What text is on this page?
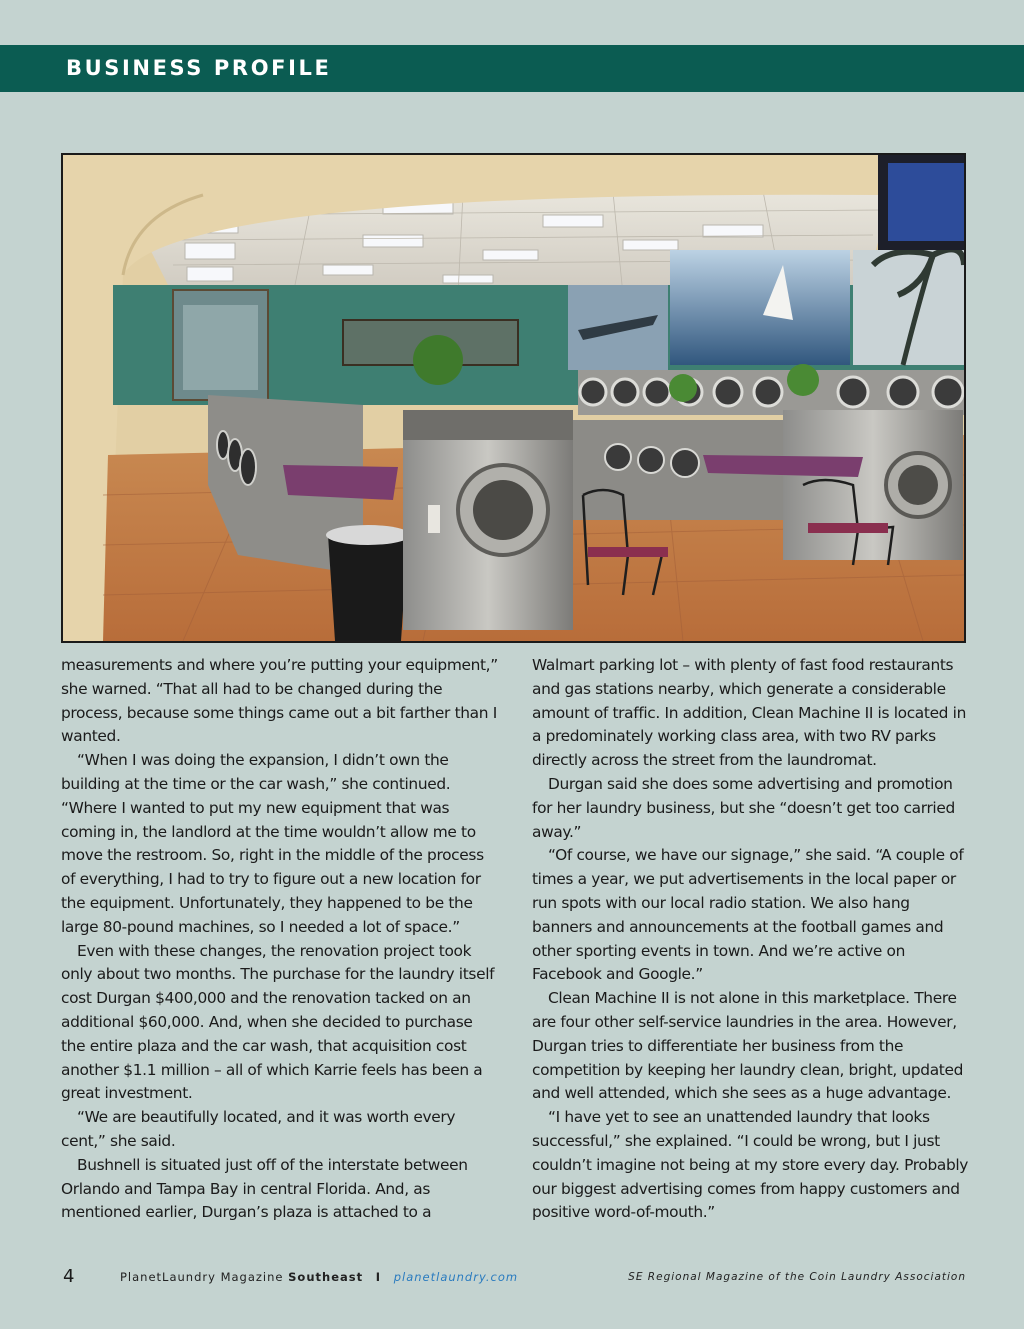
BUSINESS PROFILE

measurements and where you’re putting your equipment,” she warned. “That all had to be changed during the process, because some things came out a bit farther than I wanted.

“When I was doing the expansion, I didn’t own the building at the time or the car wash,” she continued. “Where I wanted to put my new equipment that was coming in, the landlord at the time wouldn’t allow me to move the restroom. So, right in the middle of the process of everything, I had to try to figure out a new location for the equipment. Unfortunately, they happened to be the large 80-pound machines, so I needed a lot of space.”

Even with these changes, the renovation project took only about two months. The purchase for the laundry itself cost Durgan $400,000 and the renovation tacked on an additional $60,000. And, when she decided to purchase the entire plaza and the car wash, that acquisition cost another $1.1 million – all of which Karrie feels has been a great investment.

“We are beautifully located, and it was worth every cent,” she said.

Bushnell is situated just off of the interstate between Orlando and Tampa Bay in central Florida. And, as mentioned earlier, Durgan’s plaza is attached to a

Walmart parking lot – with plenty of fast food restaurants and gas stations nearby, which generate a considerable amount of traffic. In addition, Clean Machine II is located in a predominately working class area, with two RV parks directly across the street from the laundromat.

Durgan said she does some advertising and promotion for her laundry business, but she “doesn’t get too carried away.”

“Of course, we have our signage,” she said. “A couple of times a year, we put advertisements in the local paper or run spots with our local radio station. We also hang banners and announcements at the football games and other sporting events in town. And we’re active on Facebook and Google.”

Clean Machine II is not alone in this marketplace. There are four other self-service laundries in the area. However, Durgan tries to differentiate her business from the competition by keeping her laundry clean, bright, updated and well attended, which she sees as a huge advantage.

“I have yet to see an unattended laundry that looks successful,” she explained. “I could be wrong, but I just couldn’t imagine not being at my store every day. Probably our biggest advertising comes from happy customers and positive word-of-mouth.”

4	PlanetLaundry Magazine Southeast I planetlaundry.com	SE Regional Magazine of the Coin Laundry Association
